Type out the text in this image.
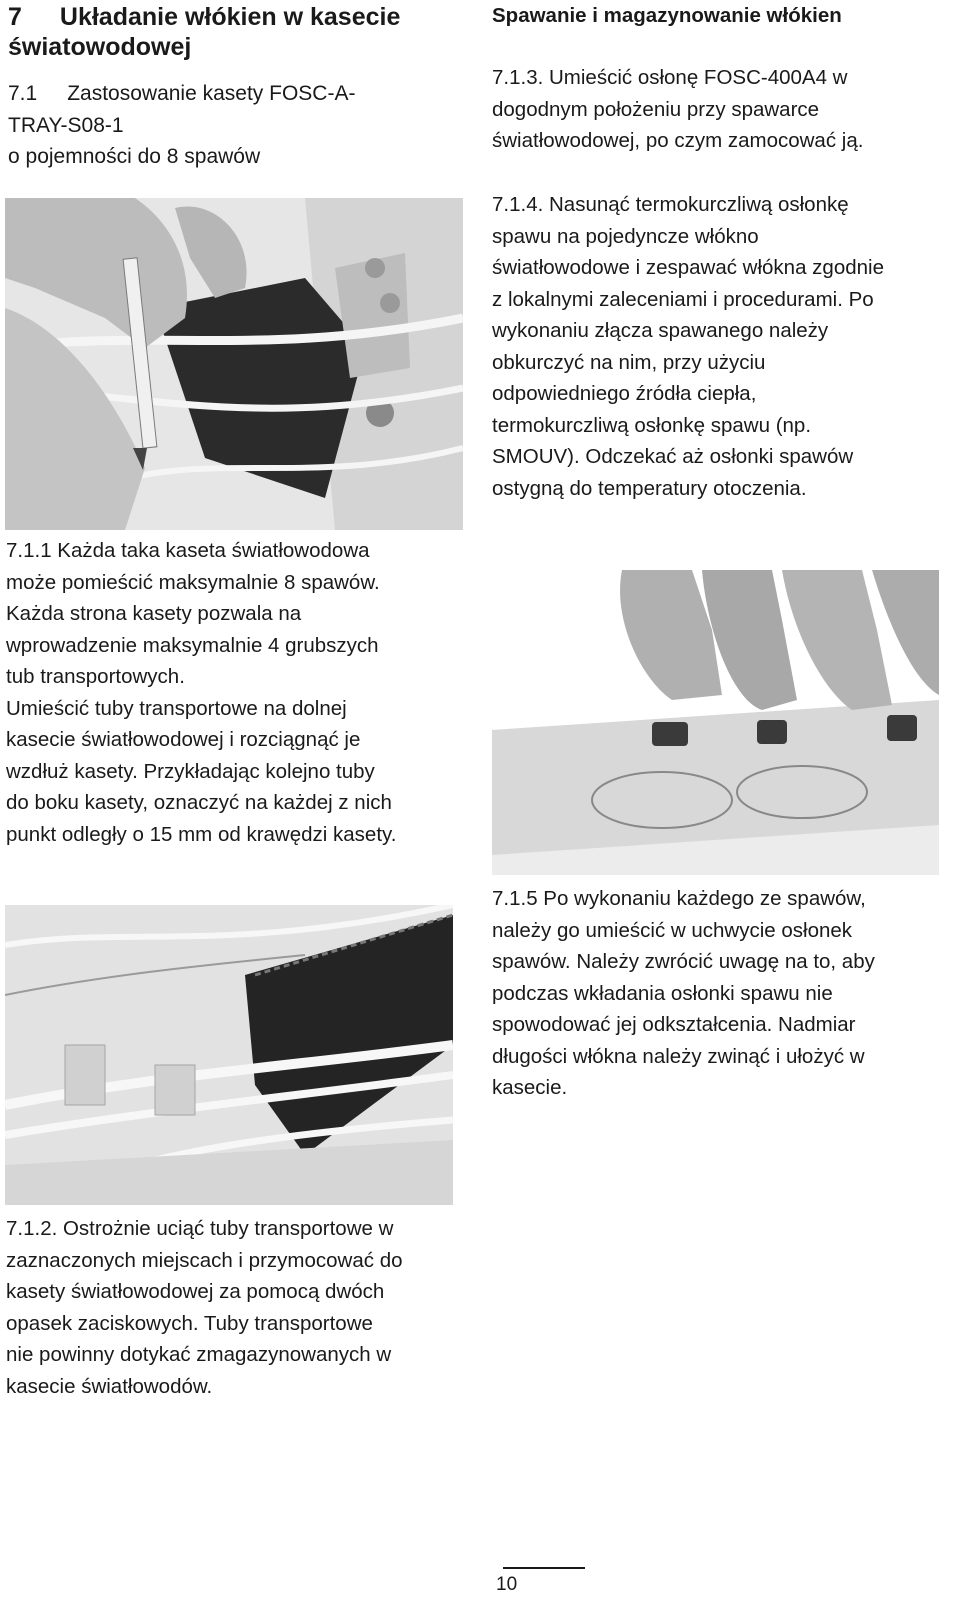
7 Układanie włókien w kasecie

światowodowej

7.1 Zastosowanie kasety FOSC-A-

TRAY-S08-1

o pojemności do 8 spawów

Spawanie i magazynowanie włókien

7.1.3. Umieścić osłonę FOSC-400A4 w

dogodnym położeniu przy spawarce

światłowodowej, po czym zamocować ją.

7.1.4. Nasunąć termokurczliwą osłonkę

spawu na pojedyncze włókno

światłowodowe i zespawać włókna zgodnie

z lokalnymi zaleceniami i procedurami. Po

wykonaniu złącza spawanego należy

obkurczyć na nim, przy użyciu

odpowiedniego źródła ciepła,

termokurczliwą osłonkę spawu (np.

SMOUV). Odczekać aż osłonki spawów

ostygną do temperatury otoczenia.

7.1.1 Każda taka kaseta światłowodowa

może pomieścić maksymalnie 8 spawów.

Każda strona kasety pozwala na

wprowadzenie maksymalnie 4 grubszych

tub transportowych.

Umieścić tuby transportowe na dolnej

kasecie światłowodowej i rozciągnąć je

wzdłuż kasety. Przykładając kolejno tuby

do boku kasety, oznaczyć na każdej z nich

punkt odległy o 15 mm od krawędzi kasety.

7.1.5 Po wykonaniu każdego ze spawów,

należy go umieścić w uchwycie osłonek

spawów. Należy zwrócić uwagę na to, aby

podczas wkładania osłonki spawu nie

spowodować jej odkształcenia. Nadmiar

długości włókna należy zwinąć i ułożyć w

kasecie.

7.1.2. Ostrożnie uciąć tuby transportowe w

zaznaczonych miejscach i przymocować do

kasety światłowodowej za pomocą dwóch

opasek zaciskowych. Tuby transportowe

nie powinny dotykać zmagazynowanych w

kasecie światłowodów.

10
